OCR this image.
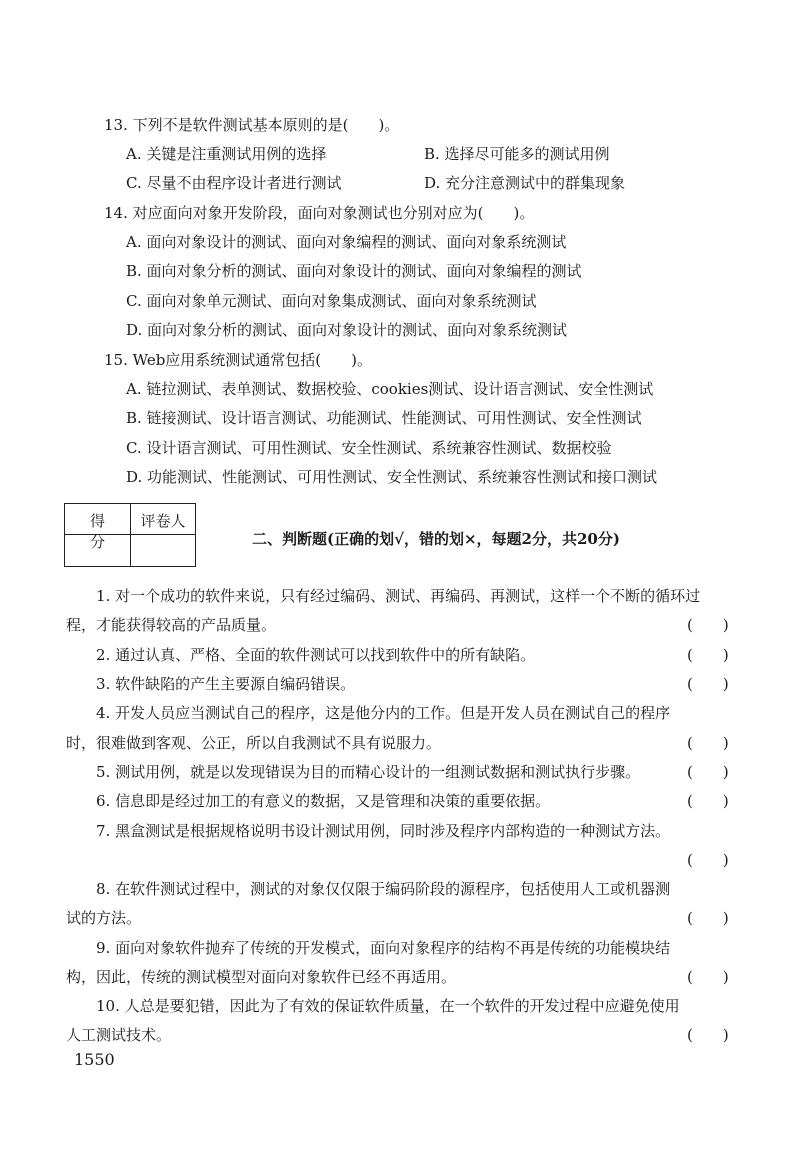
13. 下列不是软件测试基本原则的是(　　)。
A. 关键是注重测试用例的选择	B. 选择尽可能多的测试用例
C. 尽量不由程序设计者进行测试	D. 充分注意测试中的群集现象
14. 对应面向对象开发阶段，面向对象测试也分别对应为(　　)。
A. 面向对象设计的测试、面向对象编程的测试、面向对象系统测试
B. 面向对象分析的测试、面向对象设计的测试、面向对象编程的测试
C. 面向对象单元测试、面向对象集成测试、面向对象系统测试
D. 面向对象分析的测试、面向对象设计的测试、面向对象系统测试
15. Web应用系统测试通常包括(　　)。
A. 链拉测试、表单测试、数据校验、cookies测试、设计语言测试、安全性测试
B. 链接测试、设计语言测试、功能测试、性能测试、可用性测试、安全性测试
C. 设计语言测试、可用性测试、安全性测试、系统兼容性测试、数据校验
D. 功能测试、性能测试、可用性测试、安全性测试、系统兼容性测试和接口测试
得 分
评卷人
二、判断题(正确的划√，错的划×，每题2分，共20分)
1. 对一个成功的软件来说，只有经过编码、测试、再编码、再测试，这样一个不断的循环过
程，才能获得较高的产品质量。	(　　)
2. 通过认真、严格、全面的软件测试可以找到软件中的所有缺陷。	(　　)
3. 软件缺陷的产生主要源自编码错误。	(　　)
4. 开发人员应当测试自己的程序，这是他分内的工作。但是开发人员在测试自己的程序
时，很难做到客观、公正，所以自我测试不具有说服力。	(　　)
5. 测试用例，就是以发现错误为目的而精心设计的一组测试数据和测试执行步骤。	(　　)
6. 信息即是经过加工的有意义的数据，又是管理和决策的重要依据。	(　　)
7. 黑盒测试是根据规格说明书设计测试用例，同时涉及程序内部构造的一种测试方法。
(　　)
8. 在软件测试过程中，测试的对象仅仅限于编码阶段的源程序，包括使用人工或机器测
试的方法。	(　　)
9. 面向对象软件抛弃了传统的开发模式，面向对象程序的结构不再是传统的功能模块结
构，因此，传统的测试模型对面向对象软件已经不再适用。	(　　)
10. 人总是要犯错，因此为了有效的保证软件质量，在一个软件的开发过程中应避免使用
人工测试技术。	(　　)
1550
